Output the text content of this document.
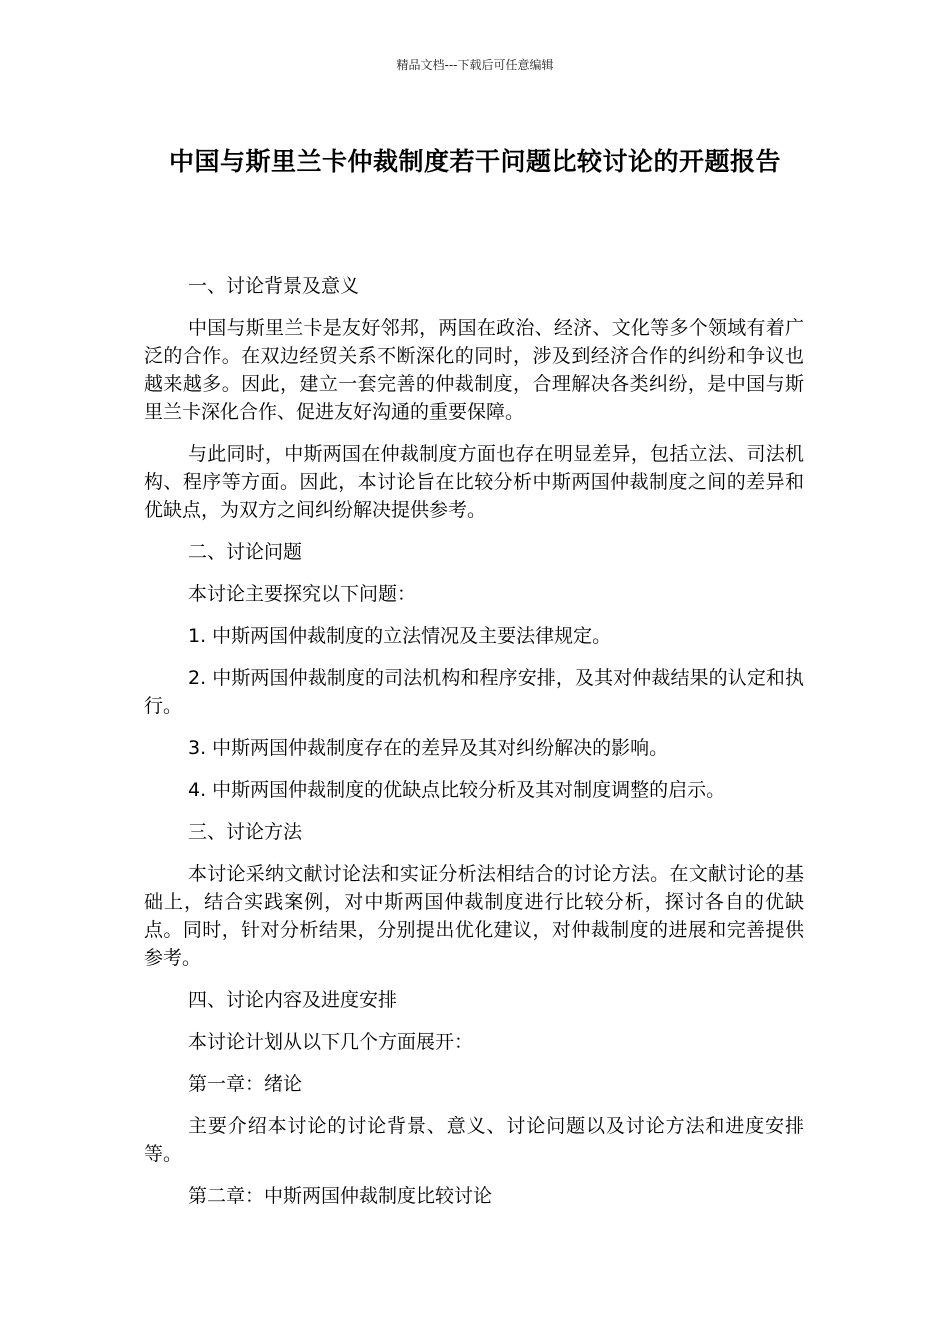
精品文档---下载后可任意编辑
中国与斯里兰卡仲裁制度若干问题比较讨论的开题报告

一、讨论背景及意义

中国与斯里兰卡是友好邻邦，两国在政治、经济、文化等多个领域有着广泛的合作。在双边经贸关系不断深化的同时，涉及到经济合作的纠纷和争议也越来越多。因此，建立一套完善的仲裁制度，合理解决各类纠纷，是中国与斯里兰卡深化合作、促进友好沟通的重要保障。

与此同时，中斯两国在仲裁制度方面也存在明显差异，包括立法、司法机构、程序等方面。因此，本讨论旨在比较分析中斯两国仲裁制度之间的差异和优缺点，为双方之间纠纷解决提供参考。

二、讨论问题

本讨论主要探究以下问题：

1. 中斯两国仲裁制度的立法情况及主要法律规定。

2. 中斯两国仲裁制度的司法机构和程序安排，及其对仲裁结果的认定和执行。

3. 中斯两国仲裁制度存在的差异及其对纠纷解决的影响。

4. 中斯两国仲裁制度的优缺点比较分析及其对制度调整的启示。

三、讨论方法

本讨论采纳文献讨论法和实证分析法相结合的讨论方法。在文献讨论的基础上，结合实践案例，对中斯两国仲裁制度进行比较分析，探讨各自的优缺点。同时，针对分析结果，分别提出优化建议，对仲裁制度的进展和完善提供参考。

四、讨论内容及进度安排

本讨论计划从以下几个方面展开：

第一章：绪论

主要介绍本讨论的讨论背景、意义、讨论问题以及讨论方法和进度安排等。

第二章：中斯两国仲裁制度比较讨论
